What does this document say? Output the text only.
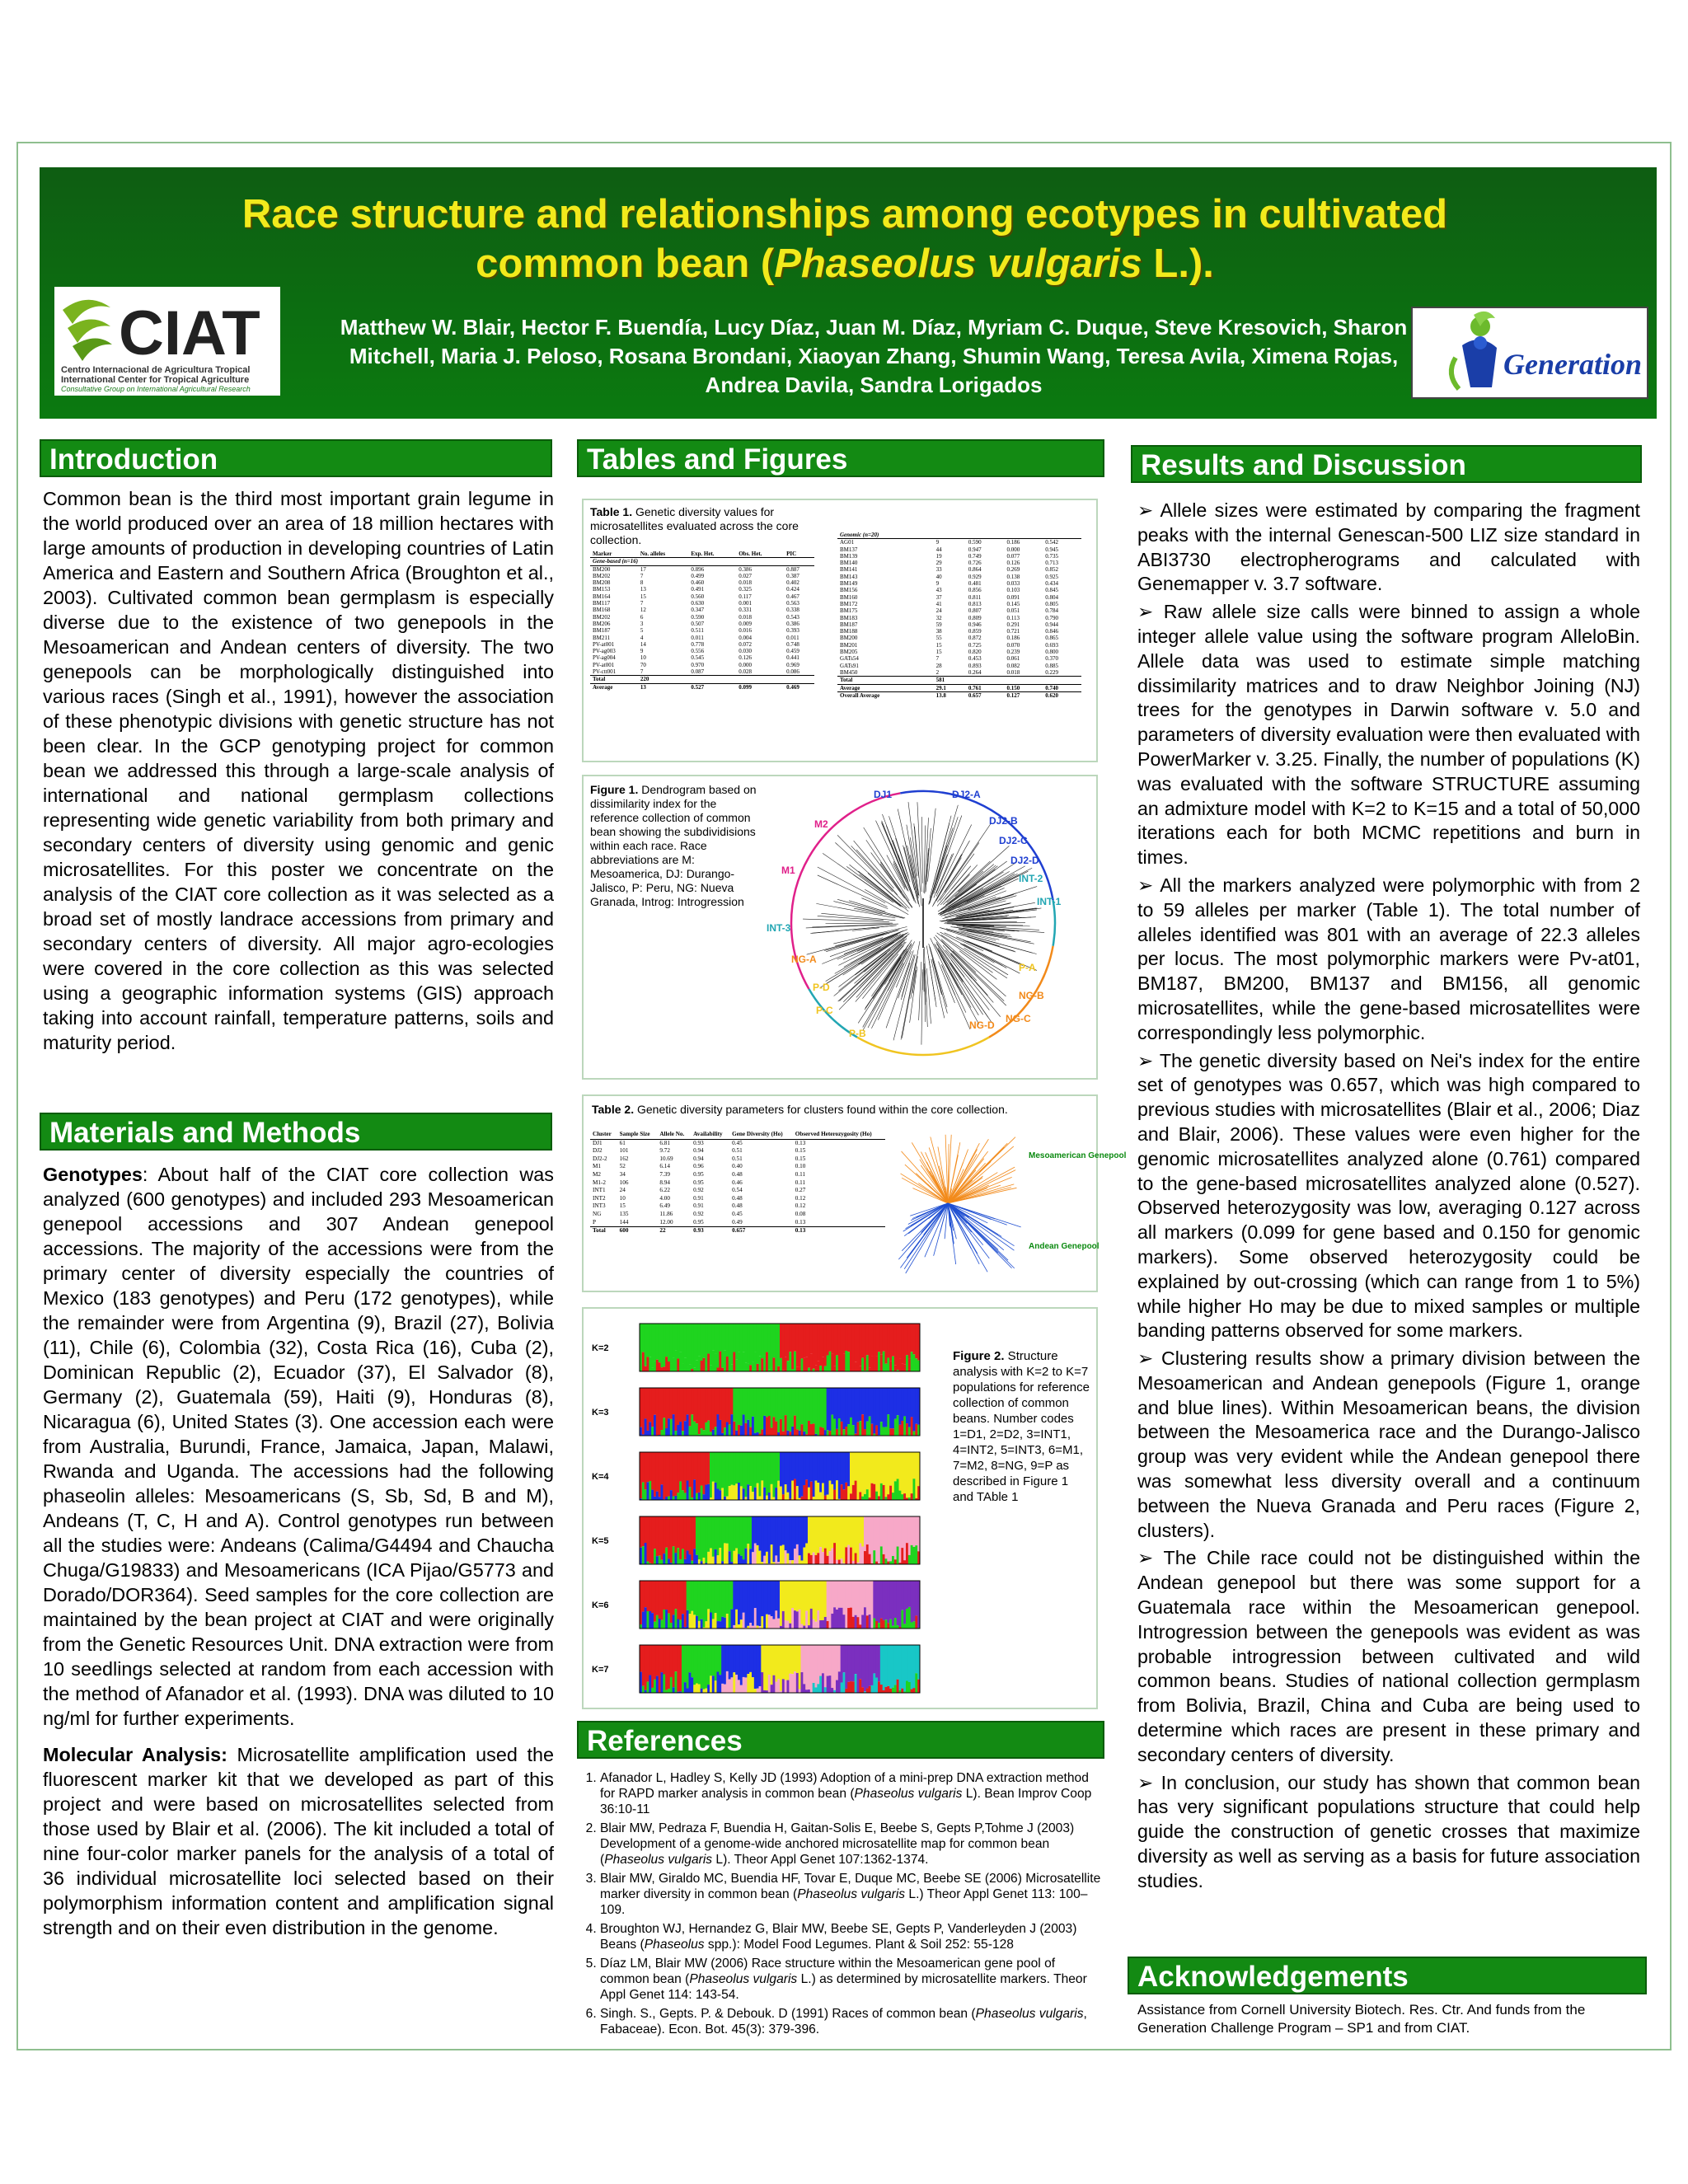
Race structure and relationships among ecotypes in cultivated
common bean (Phaseolus vulgaris L.).
Matthew W. Blair, Hector F. Buendía, Lucy Díaz, Juan M. Díaz, Myriam C. Duque, Steve Kresovich, Sharon Mitchell, Maria J. Peloso, Rosana Brondani, Xiaoyan Zhang, Shumin Wang, Teresa Avila, Ximena Rojas, Andrea Davila, Sandra Lorigados
CIAT
Centro Internacional de Agricultura Tropical
International Center for Tropical Agriculture
Consultative Group on International Agricultural Research
Generation
Introduction
Common bean is the third most important grain legume in the world produced over an area of 18 million hectares with large amounts of production in developing countries of Latin America and Eastern and Southern Africa (Broughton et al., 2003). Cultivated common bean germplasm is especially diverse due to the existence of two genepools in the Mesoamerican and Andean centers of diversity. The two genepools can be morphologically distinguished into various races (Singh et al., 1991), however the association of these phenotypic divisions with genetic structure has not been clear. In the GCP genotyping project for common bean we addressed this through a large-scale analysis of international and national germplasm collections representing wide genetic variability from both primary and secondary centers of diversity using genomic and genic microsatellites. For this poster we concentrate on the analysis of the CIAT core collection as it was selected as a broad set of mostly landrace accessions from primary and secondary centers of diversity. All major agro-ecologies were covered in the core collection as this was selected using a geographic information systems (GIS) approach taking into account rainfall, temperature patterns, soils and maturity period.
Materials and Methods

Genotypes: About half of the CIAT core collection was analyzed (600 genotypes) and included 293 Mesoamerican genepool accessions and 307 Andean genepool accessions. The majority of the accessions were from the primary center of diversity especially the countries of Mexico (183 genotypes) and Peru (172 genotypes), while the remainder were from Argentina (9), Brazil (27), Bolivia (11), Chile (6), Colombia (32), Costa Rica (16), Cuba (2), Dominican Republic (2), Ecuador (37), El Salvador (8), Germany (2), Guatemala (59), Haiti (9), Honduras (8), Nicaragua (6), United States (3). One accession each were from Australia, Burundi, France, Jamaica, Japan, Malawi, Rwanda and Uganda. The accessions had the following phaseolin alleles: Mesoamericans (S, Sb, Sd, B and M), Andeans (T, C, H and A). Control genotypes run between all the studies were: Andeans (Calima/G4494 and Chaucha Chuga/G19833) and Mesoamericans (ICA Pijao/G5773 and Dorado/DOR364). Seed samples for the core collection are maintained by the bean project at CIAT and were originally from the Genetic Resources Unit. DNA extraction were from 10 seedlings selected at random from each accession with the method of Afanador et al. (1993). DNA was diluted to 10 ng/ml for further experiments.

Molecular Analysis: Microsatellite amplification used the fluorescent marker kit that we developed as part of this project and were based on microsatellites selected from those used by Blair et al. (2006). The kit included a total of nine four-color marker panels for the analysis of a total of 36 individual microsatellite loci selected based on their polymorphism information content and amplification signal strength and on their even distribution in the genome.

Tables and Figures
Table 1. Genetic diversity values for microsatellites evaluated across the core collection.
Marker	No. alleles	Exp. Het.	Obs. Het.	PIC
Gene-based (n=16)				
BM200	17	0.896	0.386	0.887
BM202	7	0.499	0.027	0.387
BM208	8	0.460	0.018	0.402
BM153	13	0.491	0.325	0.424
BM164	15	0.560	0.117	0.467
BM117	7	0.630	0.001	0.563
BM168	12	0.347	0.331	0.338
BM202	6	0.590	0.018	0.543
BM206	3	0.507	0.009	0.386
BM187	5	0.511	0.016	0.393
BM211	4	0.011	0.004	0.011
PV-at001	14	0.778	0.072	0.748
PV-ag003	9	0.556	0.030	0.459
PV-ag004	10	0.545	0.126	0.441
PV-at001	70	0.970	0.000	0.969
PV-ctt001	7	0.087	0.028	0.086
Total	220			
Average	13	0.527	0.099	0.469
Genomic (n=20)				
AG01	9	0.590	0.186	0.542
BM137	44	0.947	0.000	0.945
BM139	19	0.749	0.077	0.735
BM140	29	0.726	0.126	0.713
BM141	33	0.864	0.269	0.852
BM143	40	0.929	0.138	0.925
BM149	9	0.481	0.033	0.434
BM156	43	0.856	0.103	0.845
BM160	37	0.811	0.091	0.804
BM172	41	0.813	0.145	0.805
BM175	24	0.807	0.051	0.784
BM183	32	0.809	0.113	0.790
BM187	59	0.946	0.291	0.944
BM188	38	0.859	0.721	0.846
BM200	55	0.872	0.186	0.865
BM201	15	0.725	0.070	0.693
BM205	15	0.820	0.239	0.800
GATs54	7	0.453	0.061	0.370
GATs91	28	0.893	0.082	0.885
BM450	2	0.264	0.018	0.229
Total	581			
Average	29.1	0.761	0.150	0.740
Overall Average	13.8	0.657	0.127	0.620
Figure 1. Dendrogram based on dissimilarity index for the reference collection of common bean showing the subdividisions within each race. Race abbreviations are M: Mesoamerica, DJ: Durango-Jalisco, P: Peru, NG: Nueva Granada, Introg: Introgression
DJ1	DJ2-A
DJ2-B
DJ2-C
DJ2-D
INT-2
INT-1
M2
M1
INT-3
NG-A
P-D
P-C
P-B
P-A
NG-B
NG-C
NG-D
Table 2. Genetic diversity parameters for clusters found within the core collection.
Cluster	Sample Size	Allele No.	Availability	Gene Diversity (Ho)	Observed Heterozygosity (Ho)
DJ1	61	6.81	0.93	0.45	0.13
DJ2	101	9.72	0.94	0.51	0.15
DJ2-2	162	10.69	0.94	0.51	0.15
M1	52	6.14	0.96	0.40	0.10
M2	34	7.39	0.95	0.48	0.11
M1-2	106	8.94	0.95	0.46	0.11
INT1	24	6.22	0.92	0.54	0.27
INT2	10	4.00	0.91	0.48	0.12
INT3	15	6.49	0.91	0.48	0.12
NG	135	11.86	0.92	0.45	0.08
P	144	12.00	0.95	0.49	0.13
Total	600	22	0.93	0.657	0.13
Mesoamerican Genepool
Andean Genepool
K=2
K=3
K=4
K=5
K=6
K=7
Figure 2. Structure analysis with K=2 to K=7 populations for reference collection of common beans. Number codes 1=D1, 2=D2, 3=INT1, 4=INT2, 5=INT3, 6=M1, 7=M2, 8=NG, 9=P as described in Figure 1 and TAble 1
References
1. Afanador L, Hadley S, Kelly JD (1993) Adoption of a mini-prep DNA extraction method for RAPD marker analysis in common bean (Phaseolus vulgaris L). Bean Improv Coop 36:10-11
2. Blair MW, Pedraza F, Buendia H, Gaitan-Solis E, Beebe S, Gepts P,Tohme J (2003) Development of a genome-wide anchored microsatellite map for common bean (Phaseolus vulgaris L). Theor Appl Genet 107:1362-1374.
3. Blair MW, Giraldo MC, Buendia HF, Tovar E, Duque MC, Beebe SE (2006) Microsatellite marker diversity in common bean (Phaseolus vulgaris L.) Theor Appl Genet 113: 100–109.
4. Broughton WJ, Hernandez G, Blair MW, Beebe SE, Gepts P, Vanderleyden J (2003) Beans (Phaseolus spp.): Model Food Legumes. Plant & Soil 252: 55-128
5. Díaz LM, Blair MW (2006) Race structure within the Mesoamerican gene pool of common bean (Phaseolus vulgaris L.) as determined by microsatellite markers. Theor Appl Genet 114: 143-54.
6. Singh. S., Gepts. P. & Debouk. D (1991) Races of common bean (Phaseolus vulgaris, Fabaceae). Econ. Bot. 45(3): 379-396.
Results and Discussion

➢ Allele sizes were estimated by comparing the fragment peaks with the internal Genescan-500 LIZ size standard in ABI3730 electropherograms and calculated with Genemapper v. 3.7 software.

➢ Raw allele size calls were binned to assign a whole integer allele value using the software program AlleloBin. Allele data was used to estimate simple matching dissimilarity matrices and to draw Neighbor Joining (NJ) trees for the genotypes in Darwin software v. 5.0 and parameters of diversity evaluation were then evaluated with PowerMarker v. 3.25. Finally, the number of populations (K) was evaluated with the software STRUCTURE assuming an admixture model with K=2 to K=15 and a total of 50,000 iterations each for both MCMC repetitions and burn in times.

➢ All the markers analyzed were polymorphic with from 2 to 59 alleles per marker (Table 1). The total number of alleles identified was 801 with an average of 22.3 alleles per locus. The most polymorphic markers were Pv-at01, BM187, BM200, BM137 and BM156, all genomic microsatellites, while the gene-based microsatellites were correspondingly less polymorphic.

➢ The genetic diversity based on Nei's index for the entire set of genotypes was 0.657, which was high compared to previous studies with microsatellites (Blair et al., 2006; Diaz and Blair, 2006). These values were even higher for the genomic microsatellites analyzed alone (0.761) compared to the gene-based microsatellites analyzed alone (0.527). Observed heterozygosity was low, averaging 0.127 across all markers (0.099 for gene based and 0.150 for genomic markers). Some observed heterozygosity could be explained by out-crossing (which can range from 1 to 5%) while higher Ho may be due to mixed samples or multiple banding patterns observed for some markers.

➢ Clustering results show a primary division between the Mesoamerican and Andean genepools (Figure 1, orange and blue lines). Within Mesoamerican beans, the division between the Mesoamerica race and the Durango-Jalisco group was very evident while the Andean genepool there was somewhat less diversity overall and a continuum between the Nueva Granada and Peru races (Figure 2, clusters).

➢ The Chile race could not be distinguished within the Andean genepool but there was some support for a Guatemala race within the Mesoamerican genepool. Introgression between the genepools was evident as was probable introgression between cultivated and wild common beans. Studies of national collection germplasm from Bolivia, Brazil, China and Cuba are being used to determine which races are present in these primary and secondary centers of diversity.

➢ In conclusion, our study has shown that common bean has very significant populations structure that could help guide the construction of genetic crosses that maximize diversity as well as serving as a basis for future association studies.

Acknowledgements
Assistance from Cornell University Biotech. Res. Ctr. And funds from the Generation Challenge Program – SP1 and from CIAT.
